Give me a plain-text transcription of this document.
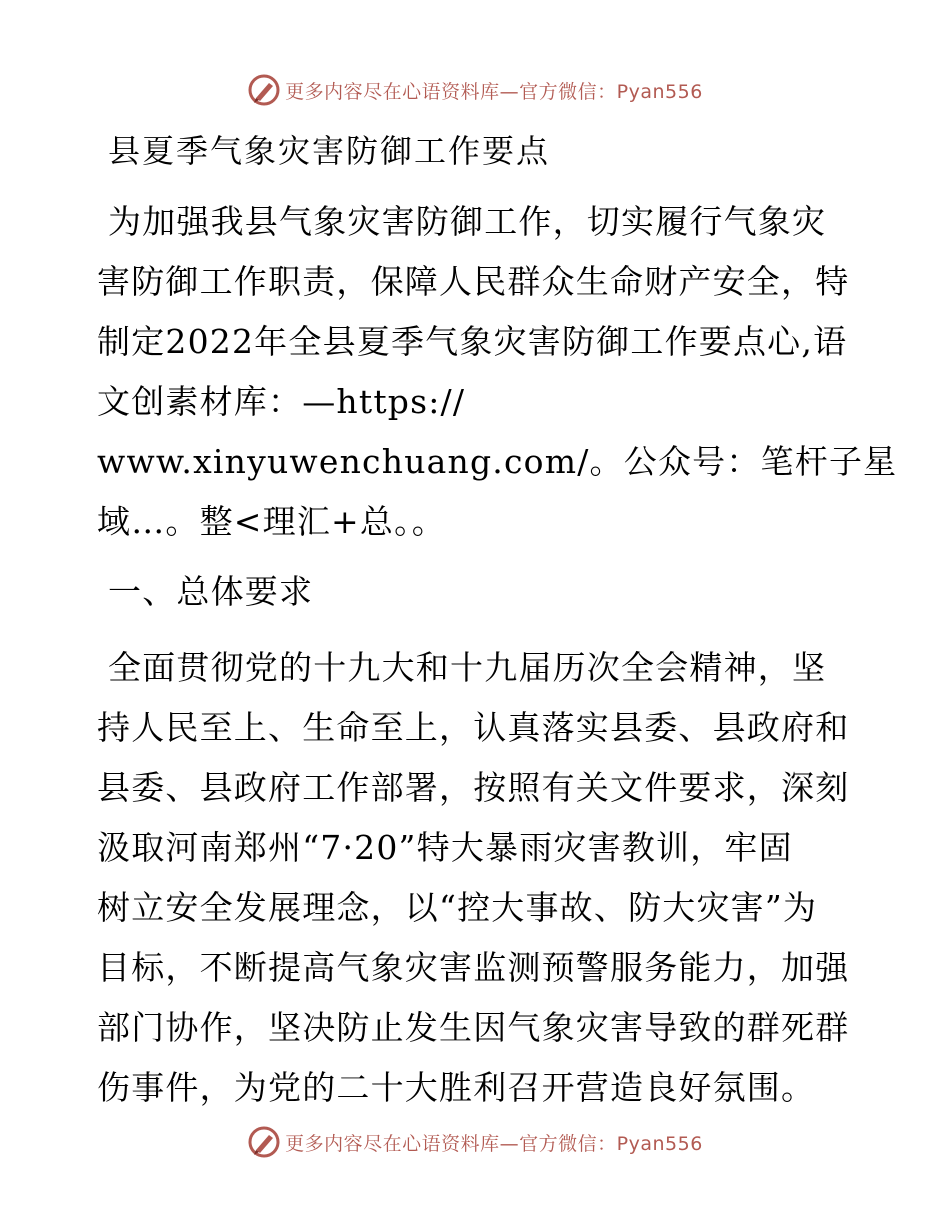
更多内容尽在心语资料库—官方微信：Pyan556
县夏季气象灾害防御工作要点
为加强我县气象灾害防御工作，切实履行气象灾
害防御工作职责，保障人民群众生命财产安全，特
制定2022年全县夏季气象灾害防御工作要点心,语
文创素材库：—https://
www.xinyuwenchuang.com/。公众号：笔杆子星
域…。整<理汇+总。。
一、总体要求
全面贯彻党的十九大和十九届历次全会精神，坚
持人民至上、生命至上，认真落实县委、县政府和
县委、县政府工作部署，按照有关文件要求，深刻
汲取河南郑州“7·20”特大暴雨灾害教训，牢固
树立安全发展理念，以“控大事故、防大灾害”为
目标，不断提高气象灾害监测预警服务能力，加强
部门协作，坚决防止发生因气象灾害导致的群死群
伤事件，为党的二十大胜利召开营造良好氛围。
更多内容尽在心语资料库—官方微信：Pyan556
